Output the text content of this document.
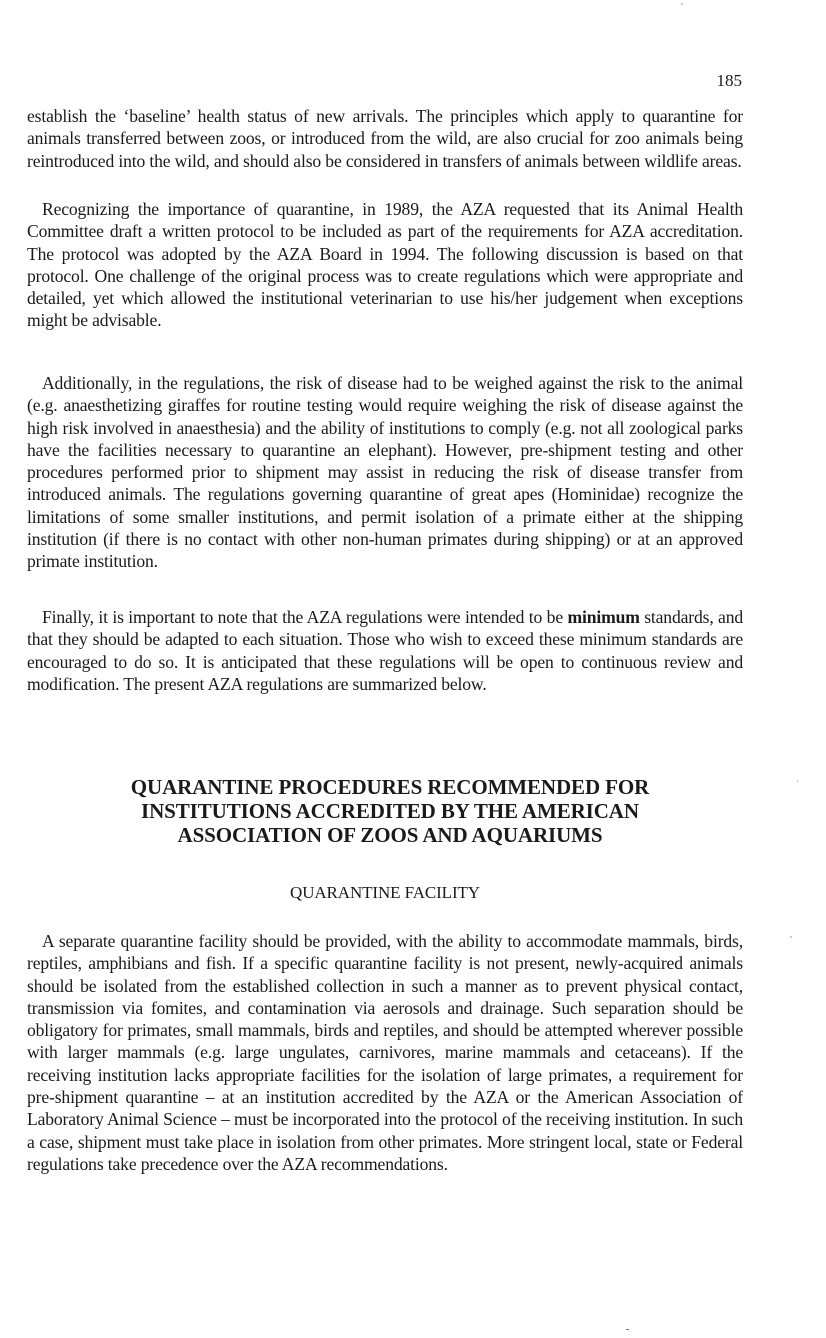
185

establish the ‘baseline’ health status of new arrivals. The principles which apply to quarantine for animals transferred between zoos, or introduced from the wild, are also crucial for zoo animals being reintroduced into the wild, and should also be considered in transfers of animals between wildlife areas.

Recognizing the importance of quarantine, in 1989, the AZA requested that its Animal Health Committee draft a written protocol to be included as part of the requirements for AZA accreditation. The protocol was adopted by the AZA Board in 1994. The following discussion is based on that protocol. One challenge of the original process was to create regulations which were appropriate and detailed, yet which allowed the institutional veterinarian to use his/her judgement when exceptions might be advisable.

Additionally, in the regulations, the risk of disease had to be weighed against the risk to the animal (e.g. anaesthetizing giraffes for routine testing would require weighing the risk of disease against the high risk involved in anaesthesia) and the ability of institutions to comply (e.g. not all zoological parks have the facilities necessary to quarantine an elephant). However, pre-shipment testing and other procedures performed prior to shipment may assist in reducing the risk of disease transfer from introduced animals. The regulations governing quarantine of great apes (Hominidae) recognize the limitations of some smaller institutions, and permit isolation of a primate either at the shipping institution (if there is no contact with other non-human primates during shipping) or at an approved primate institution.

Finally, it is important to note that the AZA regulations were intended to be minimum standards, and that they should be adapted to each situation. Those who wish to exceed these minimum standards are encouraged to do so. It is anticipated that these regulations will be open to continuous review and modification. The present AZA regulations are summarized below.

QUARANTINE PROCEDURES RECOMMENDED FOR
INSTITUTIONS ACCREDITED BY THE AMERICAN
ASSOCIATION OF ZOOS AND AQUARIUMS
QUARANTINE FACILITY

A separate quarantine facility should be provided, with the ability to accommodate mammals, birds, reptiles, amphibians and fish. If a specific quarantine facility is not present, newly-acquired animals should be isolated from the established collection in such a manner as to prevent physical contact, transmission via fomites, and contamination via aerosols and drainage. Such separation should be obligatory for primates, small mammals, birds and reptiles, and should be attempted wherever possible with larger mammals (e.g. large ungulates, carnivores, marine mammals and cetaceans). If the receiving institution lacks appropriate facilities for the isolation of large primates, a requirement for pre-shipment quarantine – at an institution accredited by the AZA or the American Association of Laboratory Animal Science – must be incorporated into the protocol of the receiving institution. In such a case, shipment must take place in isolation from other primates. More stringent local, state or Federal regulations take precedence over the AZA recommendations.
